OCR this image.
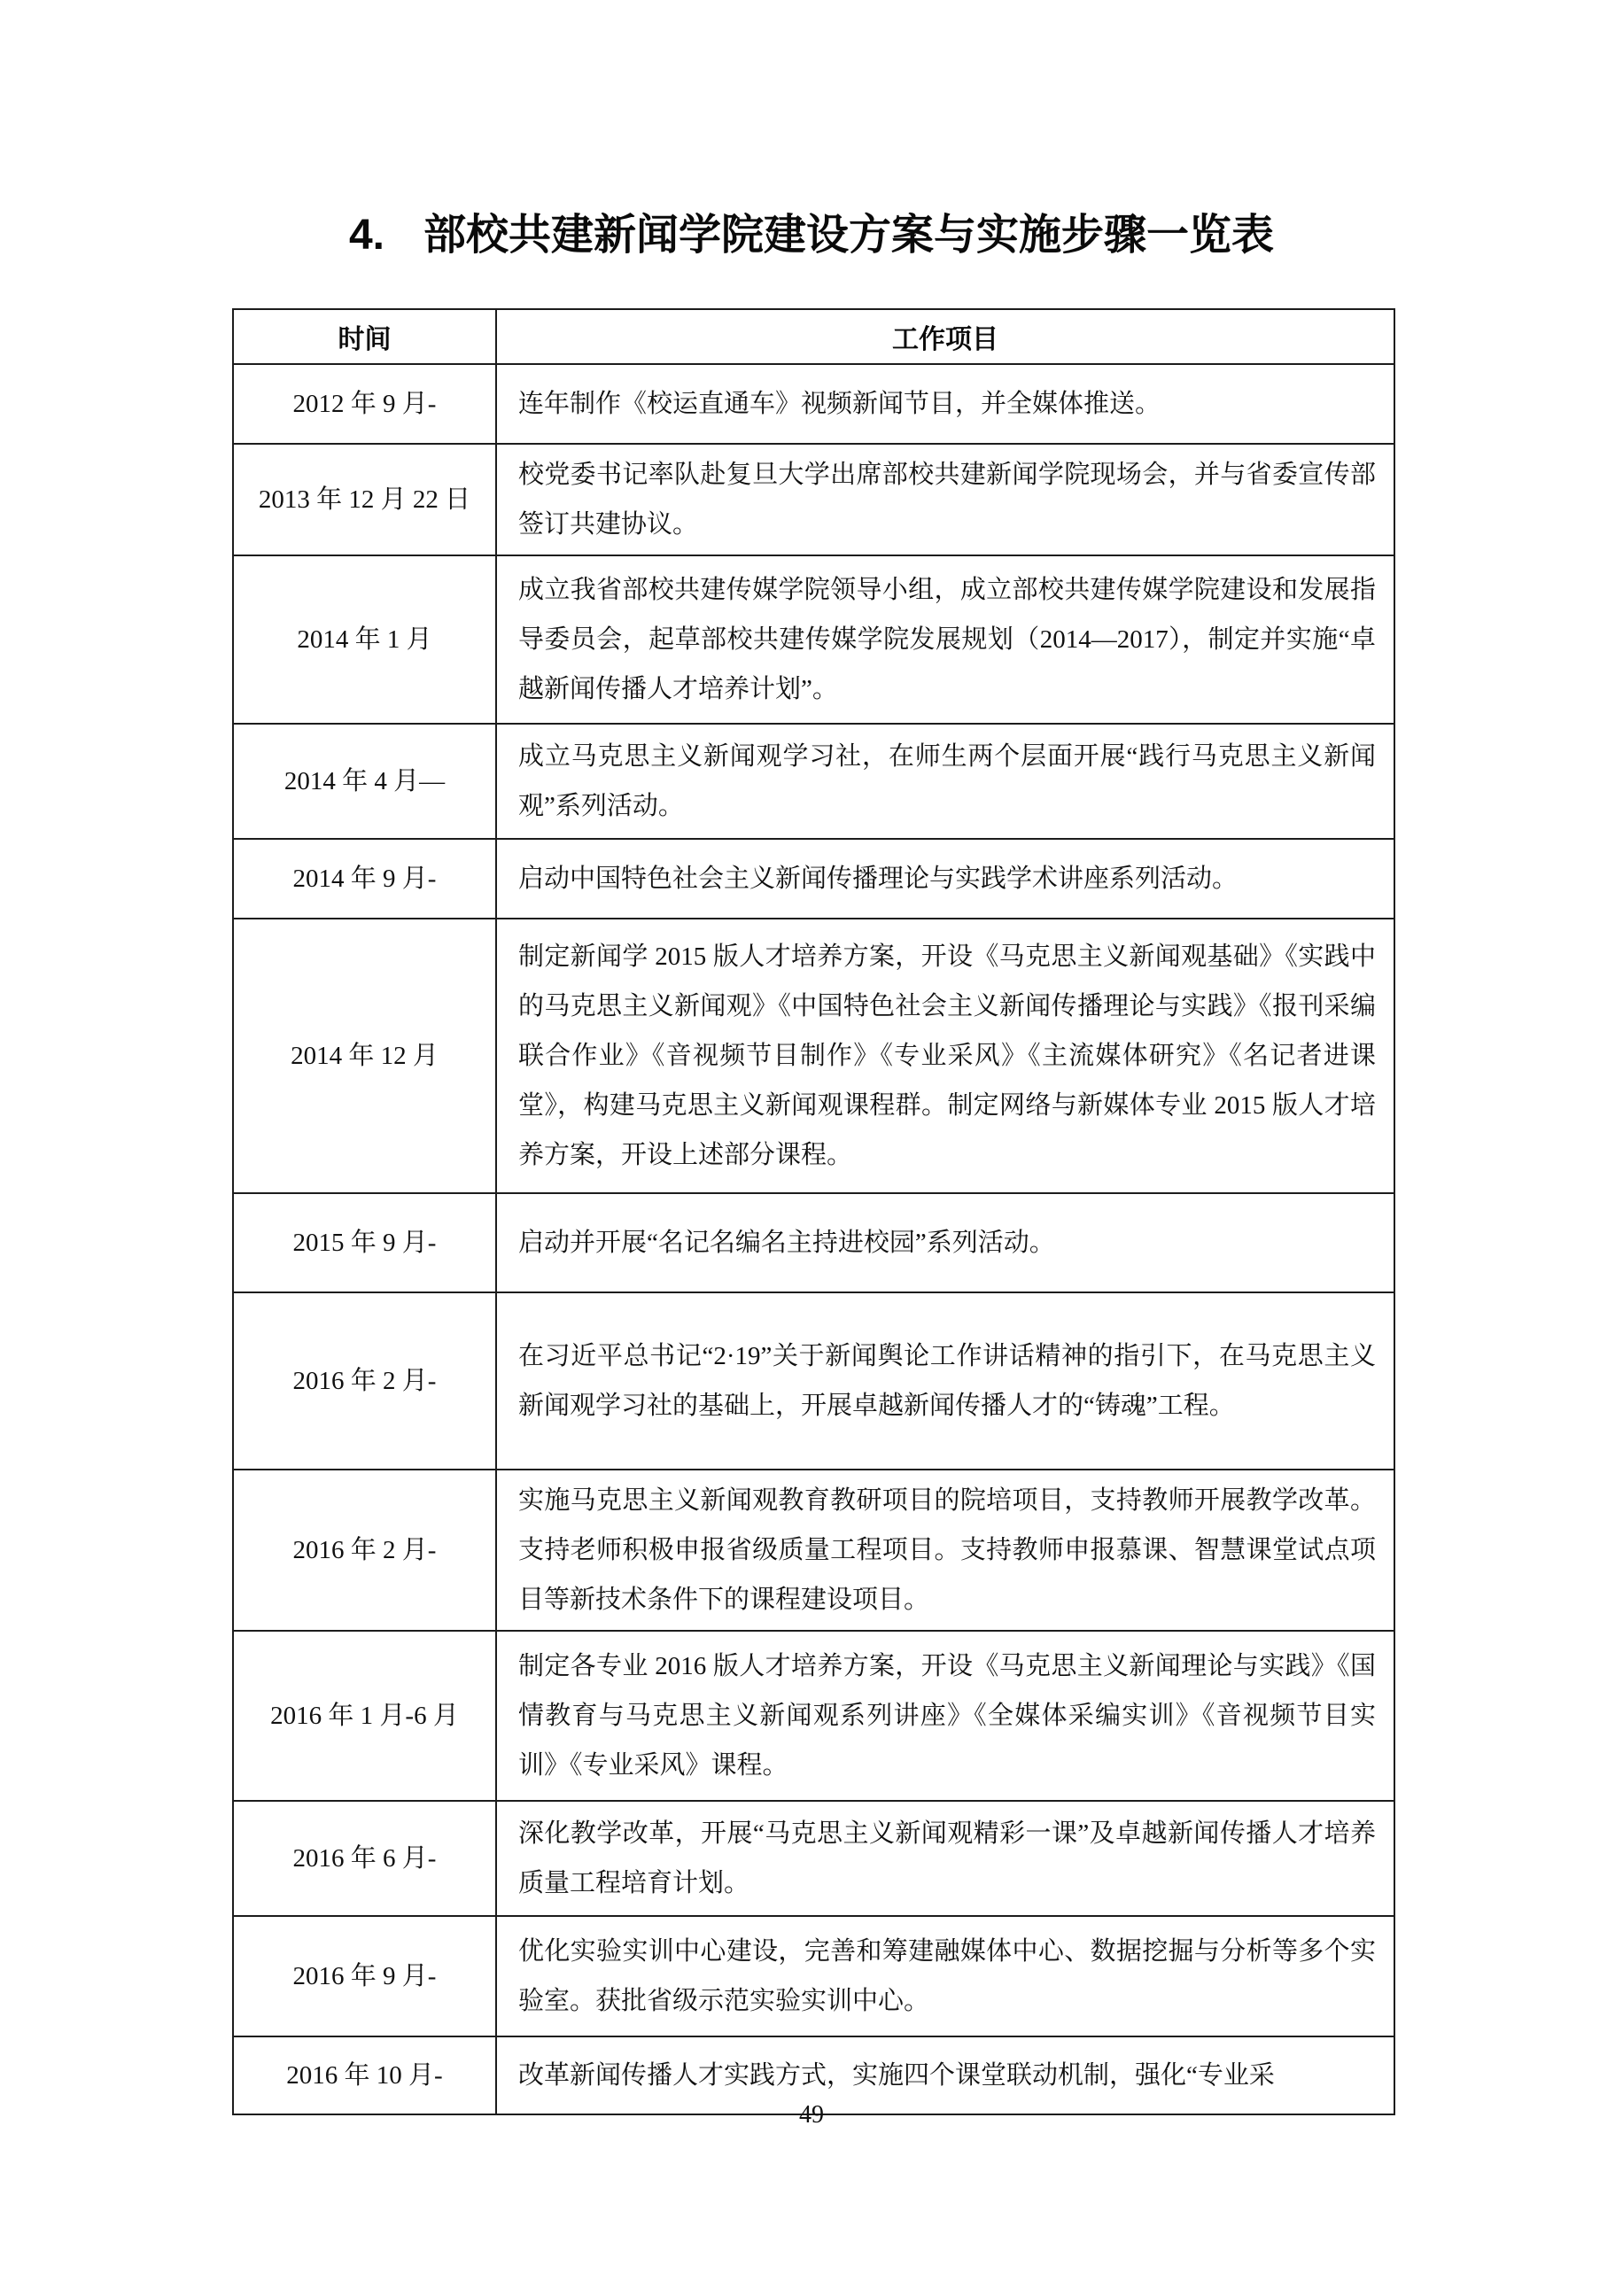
4. 部校共建新闻学院建设方案与实施步骤一览表
时间	工作项目
2012 年 9 月-	连年制作《校运直通车》视频新闻节目，并全媒体推送。
2013 年 12 月 22 日	校党委书记率队赴复旦大学出席部校共建新闻学院现场会，并与省委宣传部签订共建协议。
2014 年 1 月	成立我省部校共建传媒学院领导小组，成立部校共建传媒学院建设和发展指导委员会，起草部校共建传媒学院发展规划（2014—2017），制定并实施“卓越新闻传播人才培养计划”。
2014 年 4 月—	成立马克思主义新闻观学习社，在师生两个层面开展“践行马克思主义新闻观”系列活动。
2014 年 9 月-	启动中国特色社会主义新闻传播理论与实践学术讲座系列活动。
2014 年 12 月	制定新闻学 2015 版人才培养方案，开设《马克思主义新闻观基础》《实践中的马克思主义新闻观》《中国特色社会主义新闻传播理论与实践》《报刊采编联合作业》《音视频节目制作》《专业采风》《主流媒体研究》《名记者进课堂》，构建马克思主义新闻观课程群。制定网络与新媒体专业 2015 版人才培养方案，开设上述部分课程。
2015 年 9 月-	启动并开展“名记名编名主持进校园”系列活动。
2016 年 2 月-	在习近平总书记“2·19”关于新闻舆论工作讲话精神的指引下，在马克思主义新闻观学习社的基础上，开展卓越新闻传播人才的“铸魂”工程。
2016 年 2 月-	实施马克思主义新闻观教育教研项目的院培项目，支持教师开展教学改革。支持老师积极申报省级质量工程项目。支持教师申报慕课、智慧课堂试点项目等新技术条件下的课程建设项目。
2016 年 1 月-6 月	制定各专业 2016 版人才培养方案，开设《马克思主义新闻理论与实践》《国情教育与马克思主义新闻观系列讲座》《全媒体采编实训》《音视频节目实训》《专业采风》课程。
2016 年 6 月-	深化教学改革，开展“马克思主义新闻观精彩一课”及卓越新闻传播人才培养质量工程培育计划。
2016 年 9 月-	优化实验实训中心建设，完善和筹建融媒体中心、数据挖掘与分析等多个实验室。获批省级示范实验实训中心。
2016 年 10 月-	改革新闻传播人才实践方式，实施四个课堂联动机制，强化“专业采
49
